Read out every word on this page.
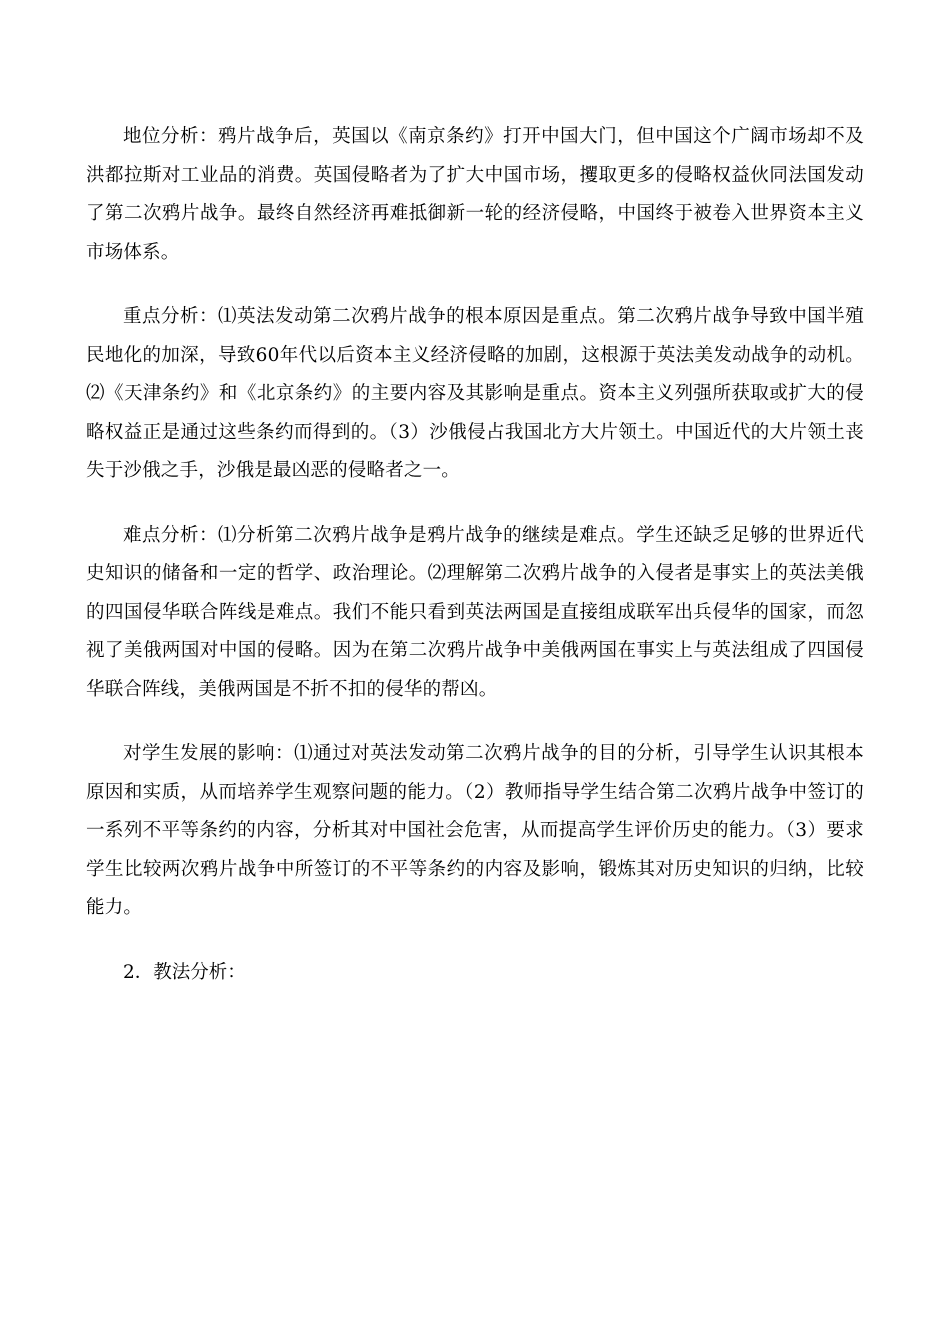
地位分析：鸦片战争后，英国以《南京条约》打开中国大门，但中国这个广阔市场却不及洪都拉斯对工业品的消费。英国侵略者为了扩大中国市场，攫取更多的侵略权益伙同法国发动了第二次鸦片战争。最终自然经济再难抵御新一轮的经济侵略，中国终于被卷入世界资本主义市场体系。

重点分析：⑴英法发动第二次鸦片战争的根本原因是重点。第二次鸦片战争导致中国半殖民地化的加深，导致60年代以后资本主义经济侵略的加剧，这根源于英法美发动战争的动机。⑵《天津条约》和《北京条约》的主要内容及其影响是重点。资本主义列强所获取或扩大的侵略权益正是通过这些条约而得到的。（3）沙俄侵占我国北方大片领土。中国近代的大片领土丧失于沙俄之手，沙俄是最凶恶的侵略者之一。

难点分析：⑴分析第二次鸦片战争是鸦片战争的继续是难点。学生还缺乏足够的世界近代史知识的储备和一定的哲学、政治理论。⑵理解第二次鸦片战争的入侵者是事实上的英法美俄的四国侵华联合阵线是难点。我们不能只看到英法两国是直接组成联军出兵侵华的国家，而忽视了美俄两国对中国的侵略。因为在第二次鸦片战争中美俄两国在事实上与英法组成了四国侵华联合阵线，美俄两国是不折不扣的侵华的帮凶。

对学生发展的影响：⑴通过对英法发动第二次鸦片战争的目的分析，引导学生认识其根本原因和实质，从而培养学生观察问题的能力。（2）教师指导学生结合第二次鸦片战争中签订的一系列不平等条约的内容，分析其对中国社会危害，从而提高学生评价历史的能力。（3）要求学生比较两次鸦片战争中所签订的不平等条约的内容及影响，锻炼其对历史知识的归纳，比较能力。

2．教法分析：
